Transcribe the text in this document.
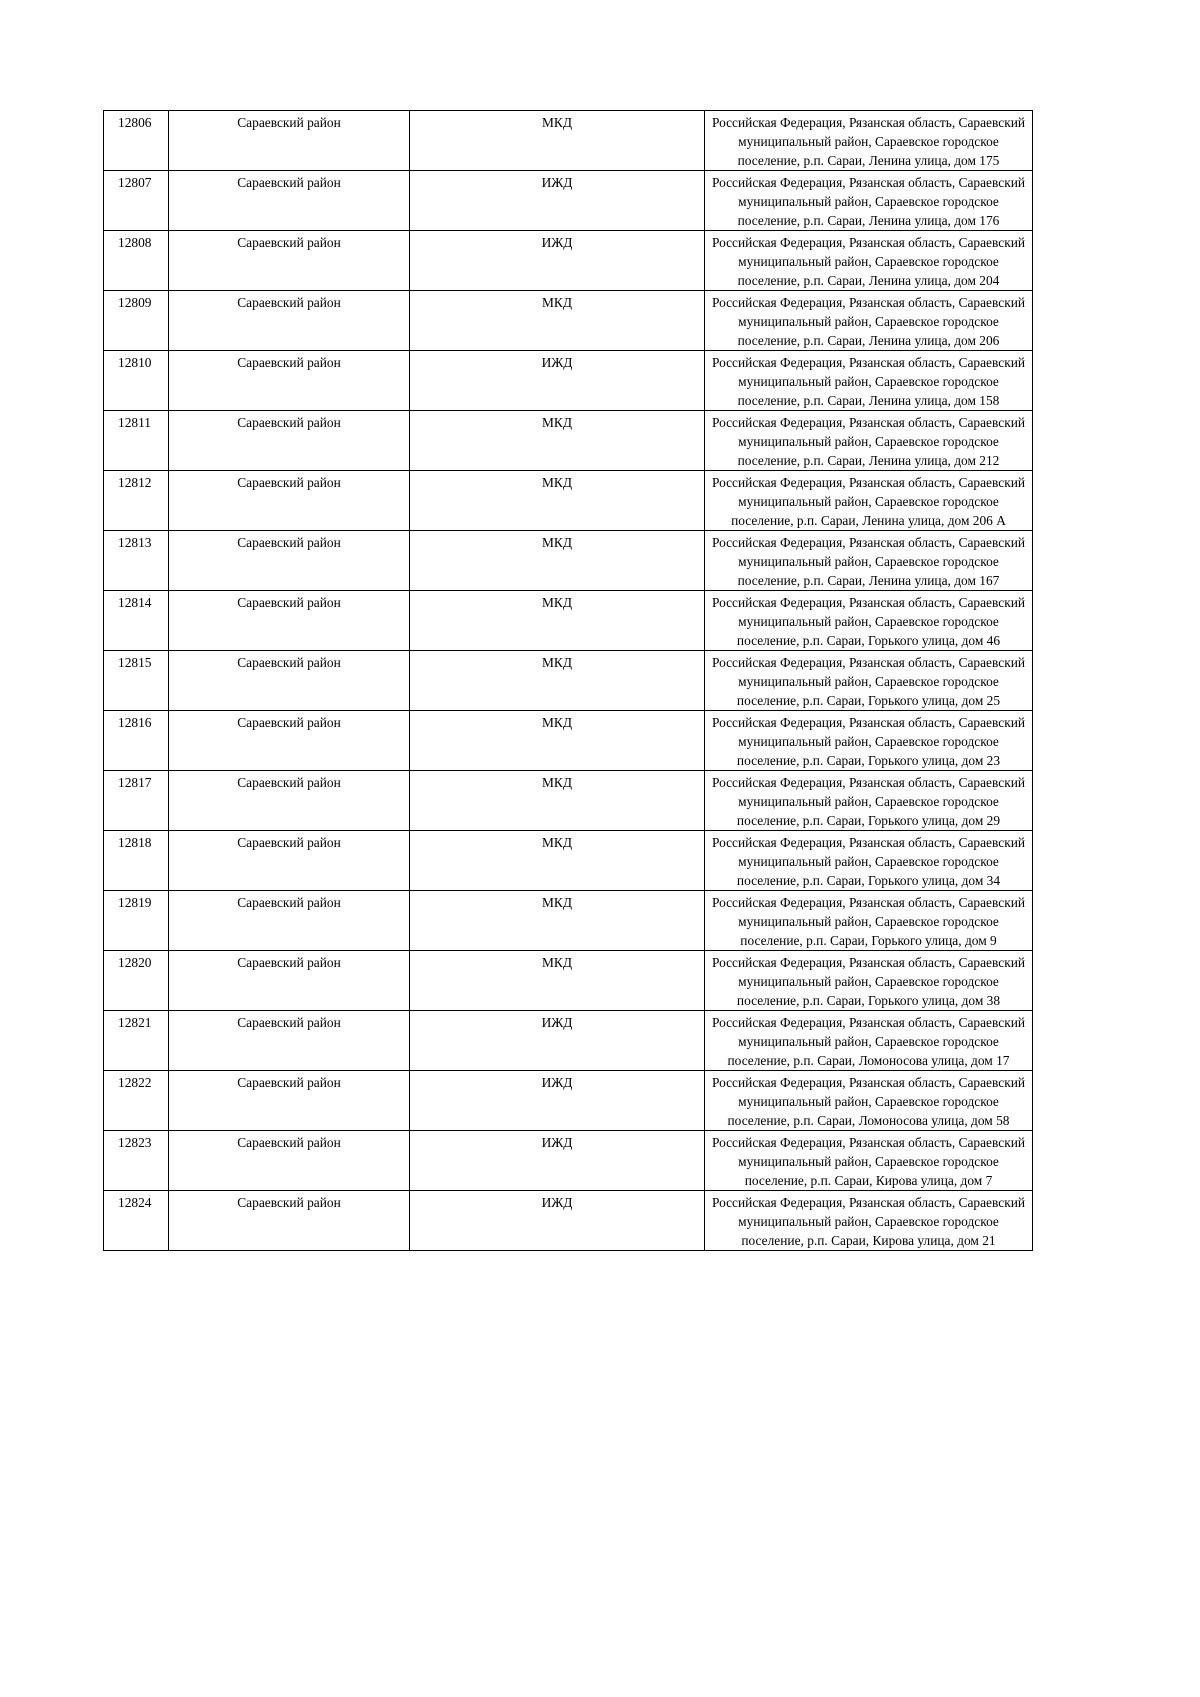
12806	Сараевский район	МКД	Российская Федерация, Рязанская область, Сараевский муниципальный район, Сараевское городское поселение, р.п. Сараи, Ленина улица, дом 175
12807	Сараевский район	ИЖД	Российская Федерация, Рязанская область, Сараевский муниципальный район, Сараевское городское поселение, р.п. Сараи, Ленина улица, дом 176
12808	Сараевский район	ИЖД	Российская Федерация, Рязанская область, Сараевский муниципальный район, Сараевское городское поселение, р.п. Сараи, Ленина улица, дом 204
12809	Сараевский район	МКД	Российская Федерация, Рязанская область, Сараевский муниципальный район, Сараевское городское поселение, р.п. Сараи, Ленина улица, дом 206
12810	Сараевский район	ИЖД	Российская Федерация, Рязанская область, Сараевский муниципальный район, Сараевское городское поселение, р.п. Сараи, Ленина улица, дом 158
12811	Сараевский район	МКД	Российская Федерация, Рязанская область, Сараевский муниципальный район, Сараевское городское поселение, р.п. Сараи, Ленина улица, дом 212
12812	Сараевский район	МКД	Российская Федерация, Рязанская область, Сараевский муниципальный район, Сараевское городское поселение, р.п. Сараи, Ленина улица, дом 206 А
12813	Сараевский район	МКД	Российская Федерация, Рязанская область, Сараевский муниципальный район, Сараевское городское поселение, р.п. Сараи, Ленина улица, дом 167
12814	Сараевский район	МКД	Российская Федерация, Рязанская область, Сараевский муниципальный район, Сараевское городское поселение, р.п. Сараи, Горького улица, дом 46
12815	Сараевский район	МКД	Российская Федерация, Рязанская область, Сараевский муниципальный район, Сараевское городское поселение, р.п. Сараи, Горького улица, дом 25
12816	Сараевский район	МКД	Российская Федерация, Рязанская область, Сараевский муниципальный район, Сараевское городское поселение, р.п. Сараи, Горького улица, дом 23
12817	Сараевский район	МКД	Российская Федерация, Рязанская область, Сараевский муниципальный район, Сараевское городское поселение, р.п. Сараи, Горького улица, дом 29
12818	Сараевский район	МКД	Российская Федерация, Рязанская область, Сараевский муниципальный район, Сараевское городское поселение, р.п. Сараи, Горького улица, дом 34
12819	Сараевский район	МКД	Российская Федерация, Рязанская область, Сараевский муниципальный район, Сараевское городское поселение, р.п. Сараи, Горького улица, дом 9
12820	Сараевский район	МКД	Российская Федерация, Рязанская область, Сараевский муниципальный район, Сараевское городское поселение, р.п. Сараи, Горького улица, дом 38
12821	Сараевский район	ИЖД	Российская Федерация, Рязанская область, Сараевский муниципальный район, Сараевское городское поселение, р.п. Сараи, Ломоносова улица, дом 17
12822	Сараевский район	ИЖД	Российская Федерация, Рязанская область, Сараевский муниципальный район, Сараевское городское поселение, р.п. Сараи, Ломоносова улица, дом 58
12823	Сараевский район	ИЖД	Российская Федерация, Рязанская область, Сараевский муниципальный район, Сараевское городское поселение, р.п. Сараи, Кирова улица, дом 7
12824	Сараевский район	ИЖД	Российская Федерация, Рязанская область, Сараевский муниципальный район, Сараевское городское поселение, р.п. Сараи, Кирова улица, дом 21
